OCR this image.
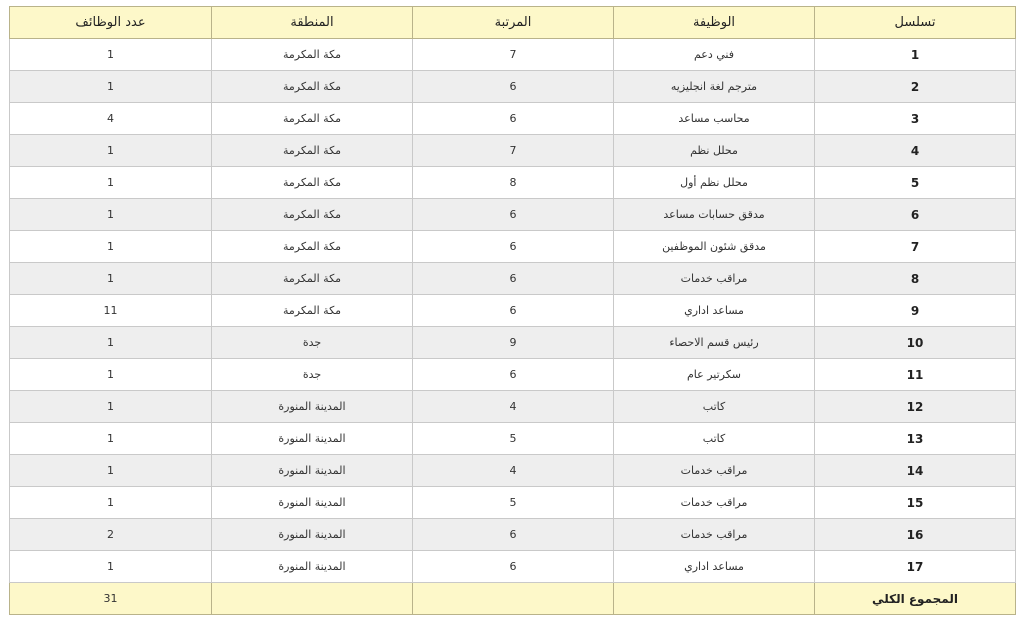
تسلسل	الوظيفة	المرتبة	المنطقة	عدد الوظائف
1	فني دعم	7	مكة المكرمة	1
2	مترجم لغة انجليزيه	6	مكة المكرمة	1
3	محاسب مساعد	6	مكة المكرمة	4
4	محلل نظم	7	مكة المكرمة	1
5	محلل نظم أول	8	مكة المكرمة	1
6	مدقق حسابات مساعد	6	مكة المكرمة	1
7	مدقق شئون الموظفين	6	مكة المكرمة	1
8	مراقب خدمات	6	مكة المكرمة	1
9	مساعد اداري	6	مكة المكرمة	11
10	رئيس قسم الاحصاء	9	جدة	1
11	سكرتير عام	6	جدة	1
12	كاتب	4	المدينة المنورة	1
13	كاتب	5	المدينة المنورة	1
14	مراقب خدمات	4	المدينة المنورة	1
15	مراقب خدمات	5	المدينة المنورة	1
16	مراقب خدمات	6	المدينة المنورة	2
17	مساعد اداري	6	المدينة المنورة	1
المجموع الكلي				31
